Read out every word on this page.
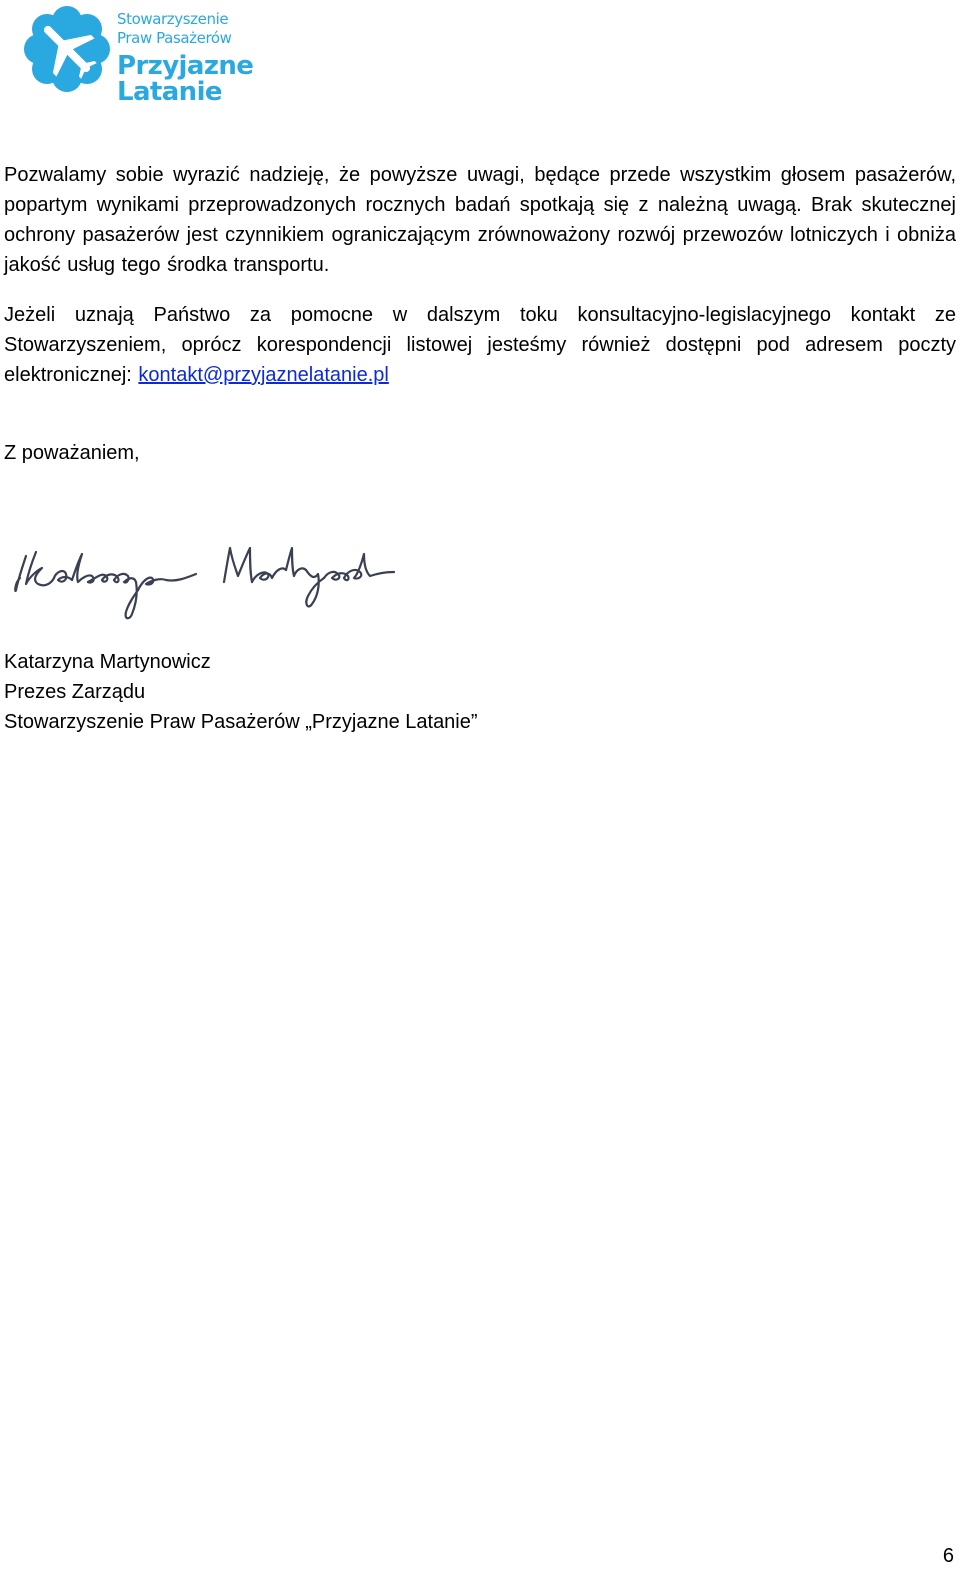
Stowarzyszenie
Praw Pasażerów
Przyjazne
Latanie

Pozwalamy sobie wyrazić nadzieję, że powyższe uwagi, będące przede wszystkim głosem pasażerów, popartym wynikami przeprowadzonych rocznych badań spotkają się z należną uwagą. Brak skutecznej ochrony pasażerów jest czynnikiem ograniczającym zrównoważony rozwój przewozów lotniczych i obniża jakość usług tego środka transportu.

Jeżeli uznają Państwo za pomocne w dalszym toku konsultacyjno-legislacyjnego kontakt ze Stowarzyszeniem, oprócz korespondencji listowej jesteśmy również dostępni pod adresem poczty elektronicznej: kontakt@przyjaznelatanie.pl

Z poważaniem,
Katarzyna Martynowicz
Prezes Zarządu
Stowarzyszenie Praw Pasażerów „Przyjazne Latanie”
6
